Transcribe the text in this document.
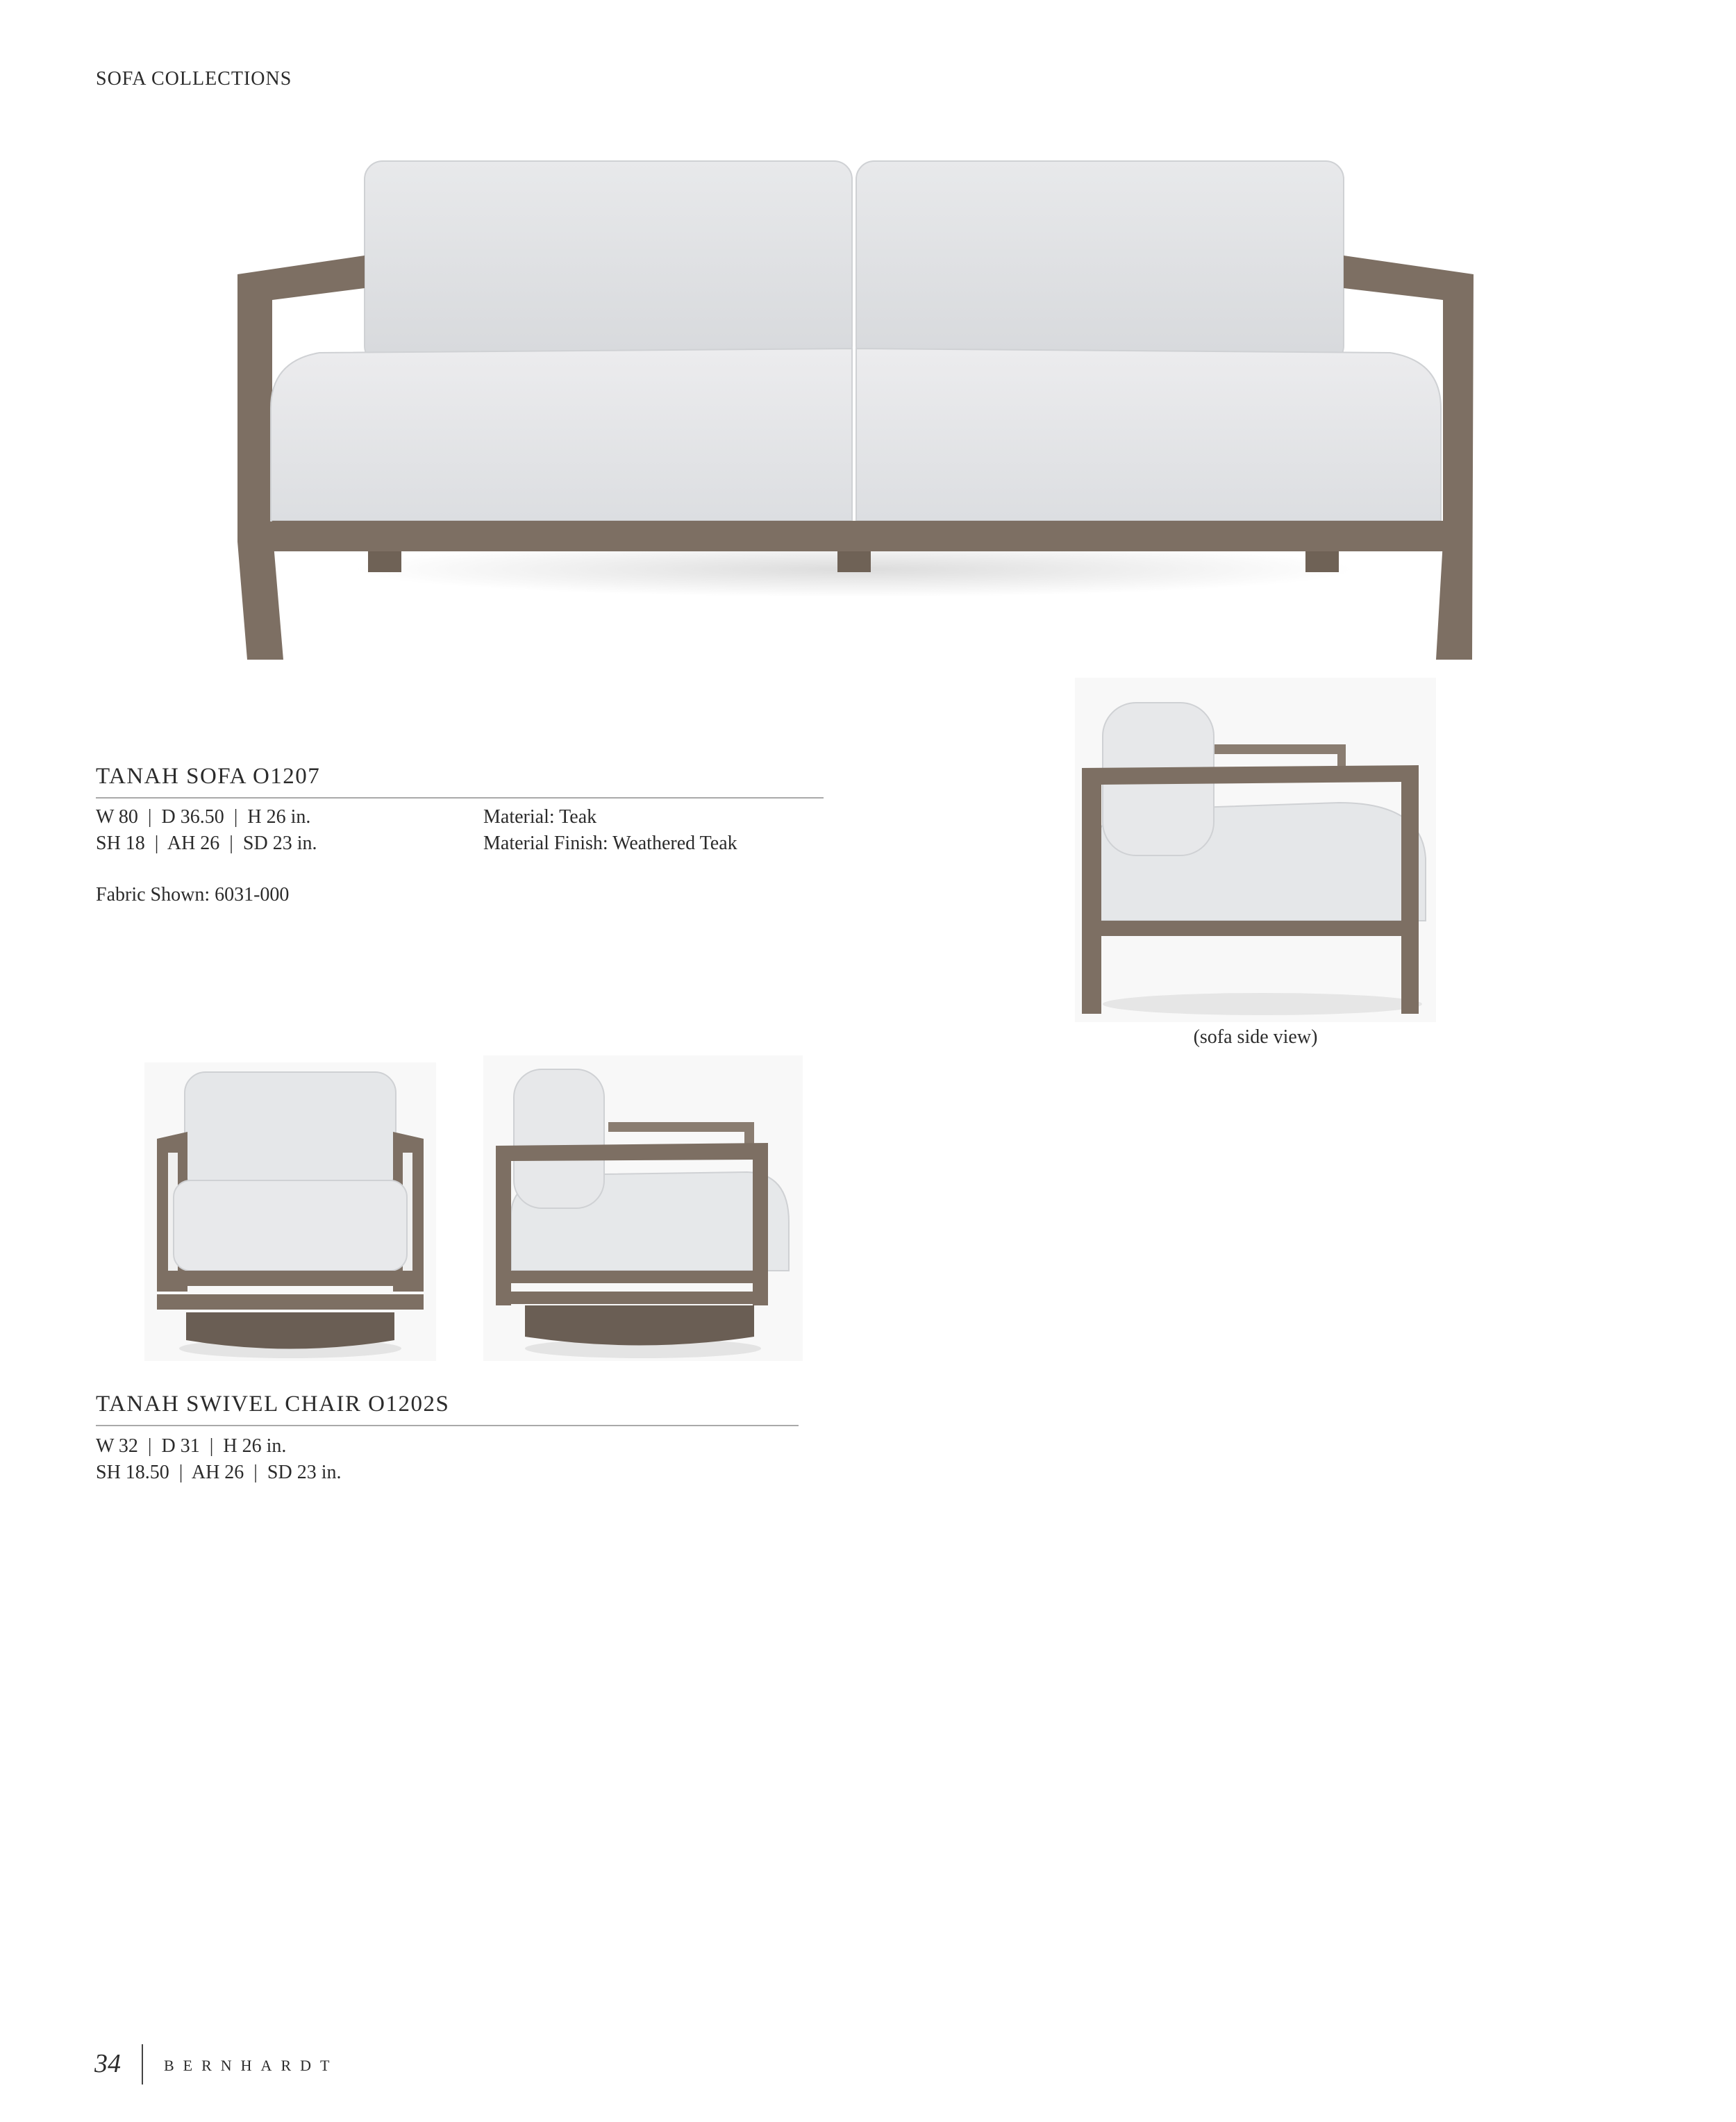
SOFA COLLECTIONS
(sofa side view)
TANAH SOFA O1207
W 80  |  D 36.50  |  H 26 in.
SH 18  |  AH 26  |  SD 23 in.
Material: Teak
Material Finish: Weathered Teak
Fabric Shown: 6031-000
TANAH SWIVEL CHAIR O1202S
W 32  |  D 31  |  H 26 in.
SH 18.50  |  AH 26  |  SD 23 in.
34	BERNHARDT
